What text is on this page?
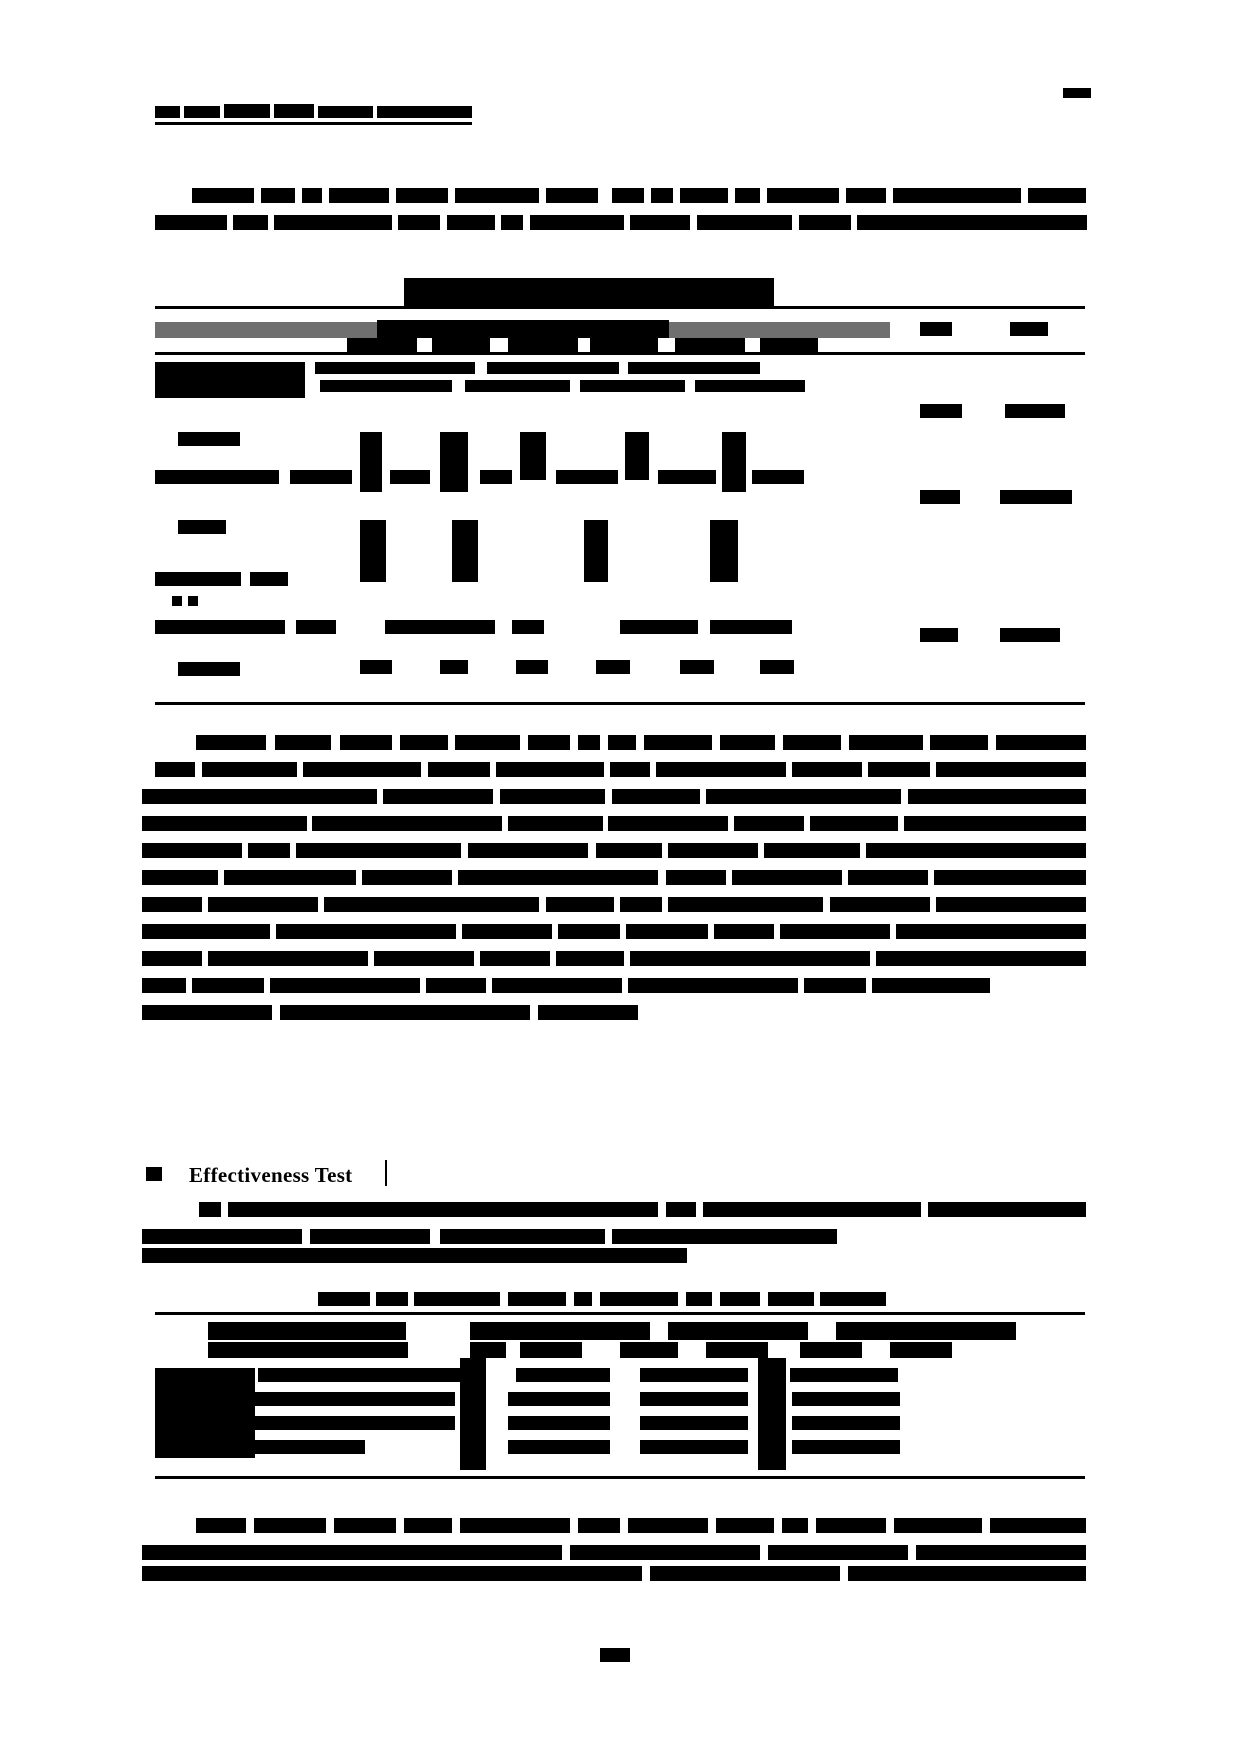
Effectiveness Test
